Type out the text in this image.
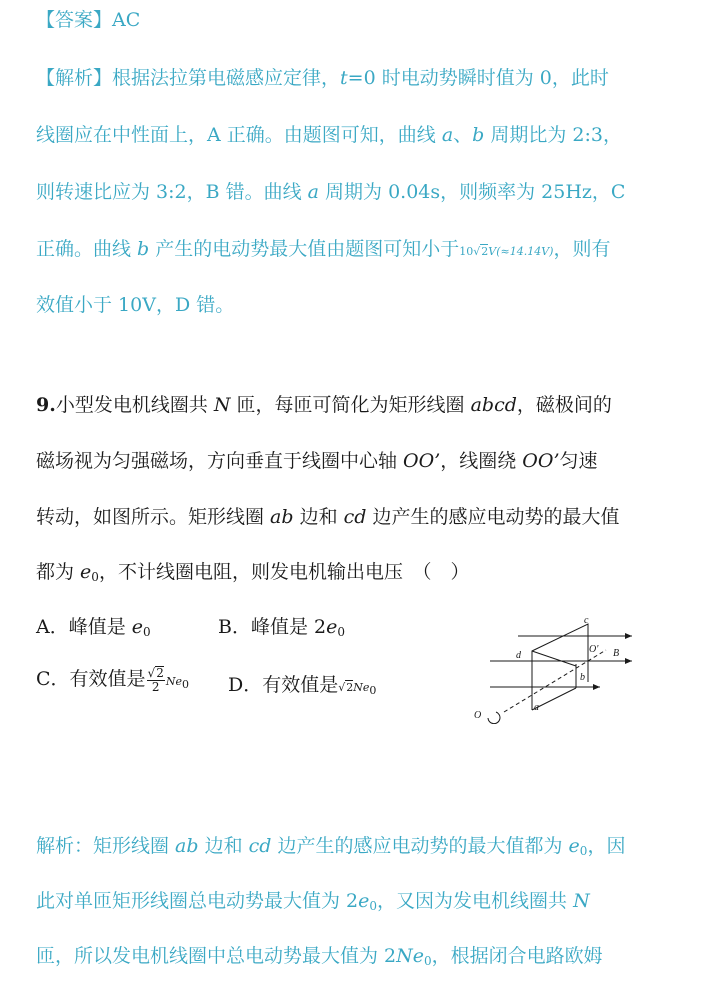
【答案】AC
【解析】根据法拉第电磁感应定律，t=0 时电动势瞬时值为 0，此时
线圈应在中性面上，A 正确。由题图可知，曲线 a、b 周期比为 2:3，
则转速比应为 3:2，B 错。曲线 a 周期为 0.04s，则频率为 25Hz，C
正确。曲线 b 产生的电动势最大值由题图可知小于10√2V(≈14.14V)，则有
效值小于 10V，D 错。
9.小型发电机线圈共 N 匝，每匝可简化为矩形线圈 abcd，磁极间的
磁场视为匀强磁场，方向垂直于线圈中心轴 OO’，线圈绕 OO’匀速
转动，如图所示。矩形线圈 ab 边和 cd 边产生的感应电动势的最大值
都为 $e_0$，不计线圈电阻，则发电机输出电压　（　）
A．峰值是 $e_0$	B．峰值是 $2e_0$
C．有效值是 $\frac{√2}{2} Ne_0$ D．有效值是$√2Ne_0$
c
O' B
d
b
O
a
解析：矩形线圈 ab 边和 cd 边产生的感应电动势的最大值都为 $e_0$，因
此对单匝矩形线圈总电动势最大值为 $2e_0$，又因为发电机线圈共 N
匝，所以发电机线圈中总电动势最大值为 $2Ne_0$，根据闭合电路欧姆
